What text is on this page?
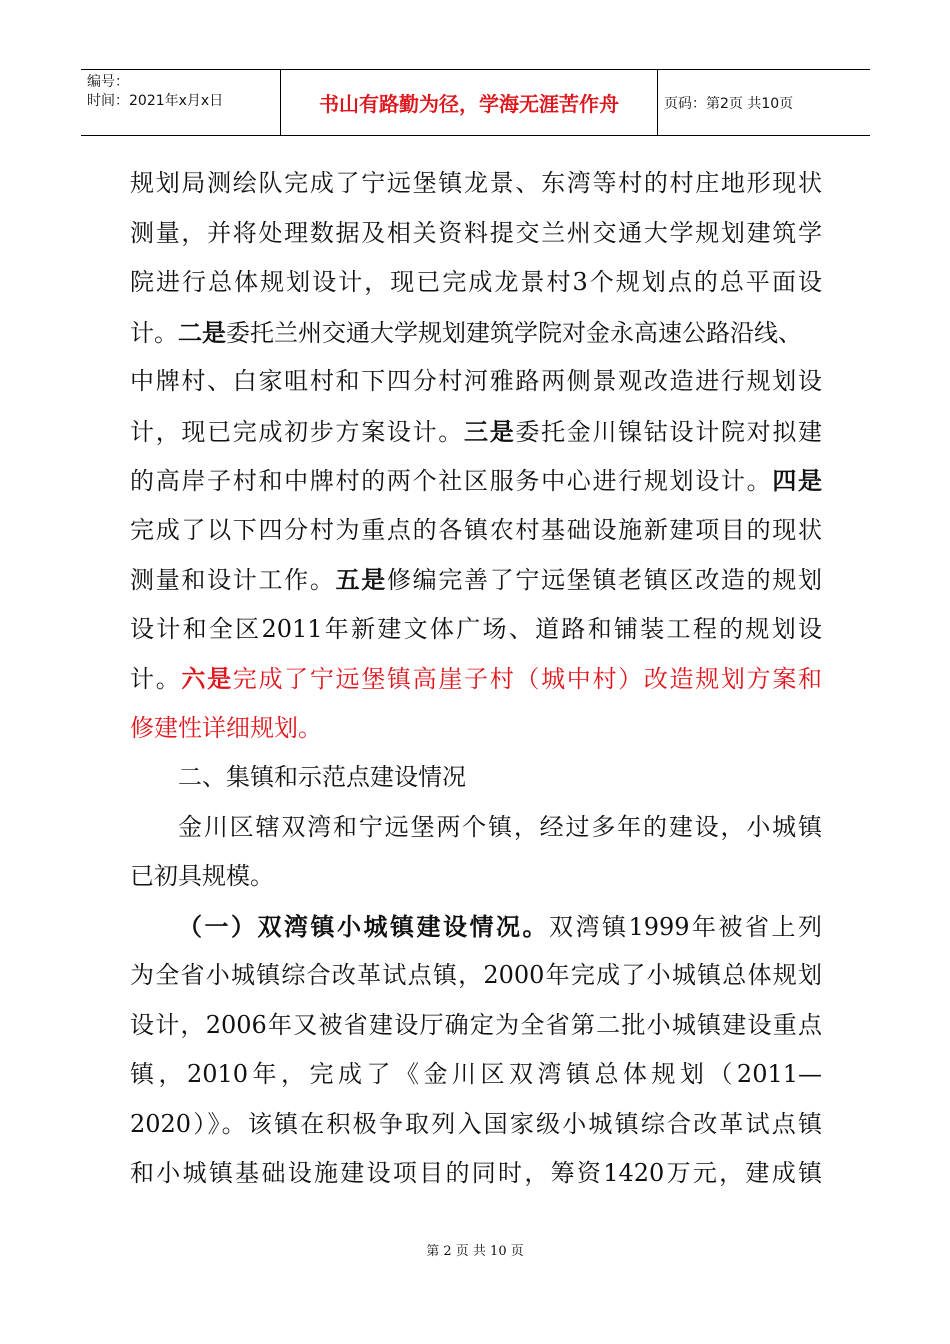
编号：
时间：2021年x月x日	书山有路勤为径，学海无涯苦作舟	页码：第2页 共10页
规划局测绘队完成了宁远堡镇龙景、东湾等村的村庄地形现状
测量，并将处理数据及相关资料提交兰州交通大学规划建筑学
院进行总体规划设计，现已完成龙景村3个规划点的总平面设
计。二是委托兰州交通大学规划建筑学院对金永高速公路沿线、
中牌村、白家咀村和下四分村河雅路两侧景观改造进行规划设
计，现已完成初步方案设计。三是委托金川镍钴设计院对拟建
的高岸子村和中牌村的两个社区服务中心进行规划设计。四是
完成了以下四分村为重点的各镇农村基础设施新建项目的现状
测量和设计工作。五是修编完善了宁远堡镇老镇区改造的规划
设计和全区2011年新建文体广场、道路和铺装工程的规划设
计。六是完成了宁远堡镇高崖子村（城中村）改造规划方案和
修建性详细规划。
二、集镇和示范点建设情况
金川区辖双湾和宁远堡两个镇，经过多年的建设，小城镇
已初具规模。
（一）双湾镇小城镇建设情况。双湾镇1999年被省上列
为全省小城镇综合改革试点镇，2000年完成了小城镇总体规划
设计，2006年又被省建设厅确定为全省第二批小城镇建设重点
镇，2010年，完成了《金川区双湾镇总体规划（2011—
2020）》。该镇在积极争取列入国家级小城镇综合改革试点镇
和小城镇基础设施建设项目的同时，筹资1420万元，建成镇
第 2 页 共 10 页
